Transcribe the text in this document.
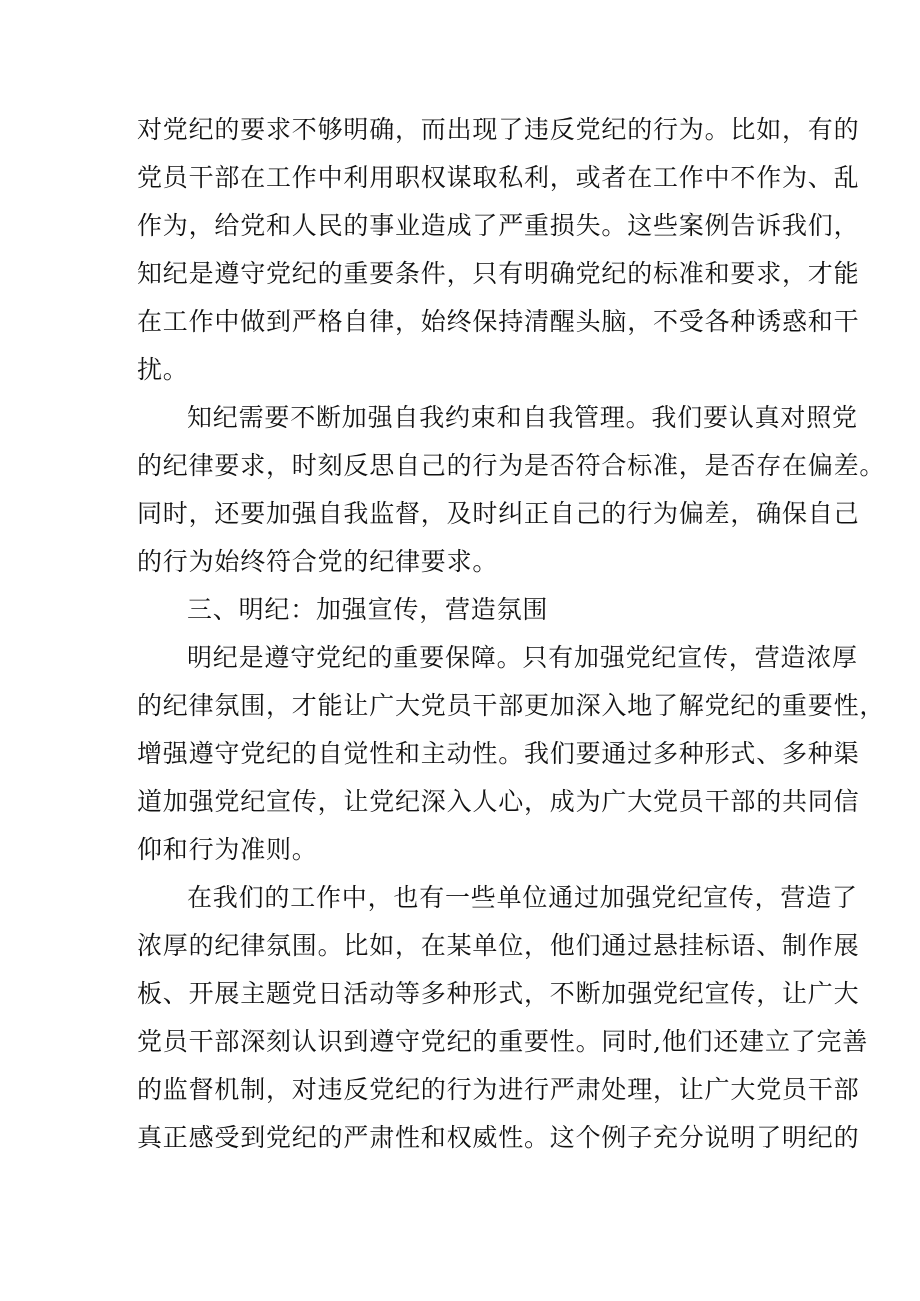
对党纪的要求不够明确，而出现了违反党纪的行为。比如，有的
党员干部在工作中利用职权谋取私利，或者在工作中不作为、乱
作为，给党和人民的事业造成了严重损失。这些案例告诉我们，
知纪是遵守党纪的重要条件，只有明确党纪的标准和要求，才能
在工作中做到严格自律，始终保持清醒头脑，不受各种诱惑和干
扰。
知纪需要不断加强自我约束和自我管理。我们要认真对照党
的纪律要求，时刻反思自己的行为是否符合标准，是否存在偏差。
同时，还要加强自我监督，及时纠正自己的行为偏差，确保自己
的行为始终符合党的纪律要求。
三、明纪：加强宣传，营造氛围
明纪是遵守党纪的重要保障。只有加强党纪宣传，营造浓厚
的纪律氛围，才能让广大党员干部更加深入地了解党纪的重要性，
增强遵守党纪的自觉性和主动性。我们要通过多种形式、多种渠
道加强党纪宣传，让党纪深入人心，成为广大党员干部的共同信
仰和行为准则。
在我们的工作中，也有一些单位通过加强党纪宣传，营造了
浓厚的纪律氛围。比如，在某单位，他们通过悬挂标语、制作展
板、开展主题党日活动等多种形式，不断加强党纪宣传，让广大
党员干部深刻认识到遵守党纪的重要性。同时,他们还建立了完善
的监督机制，对违反党纪的行为进行严肃处理，让广大党员干部
真正感受到党纪的严肃性和权威性。这个例子充分说明了明纪的
